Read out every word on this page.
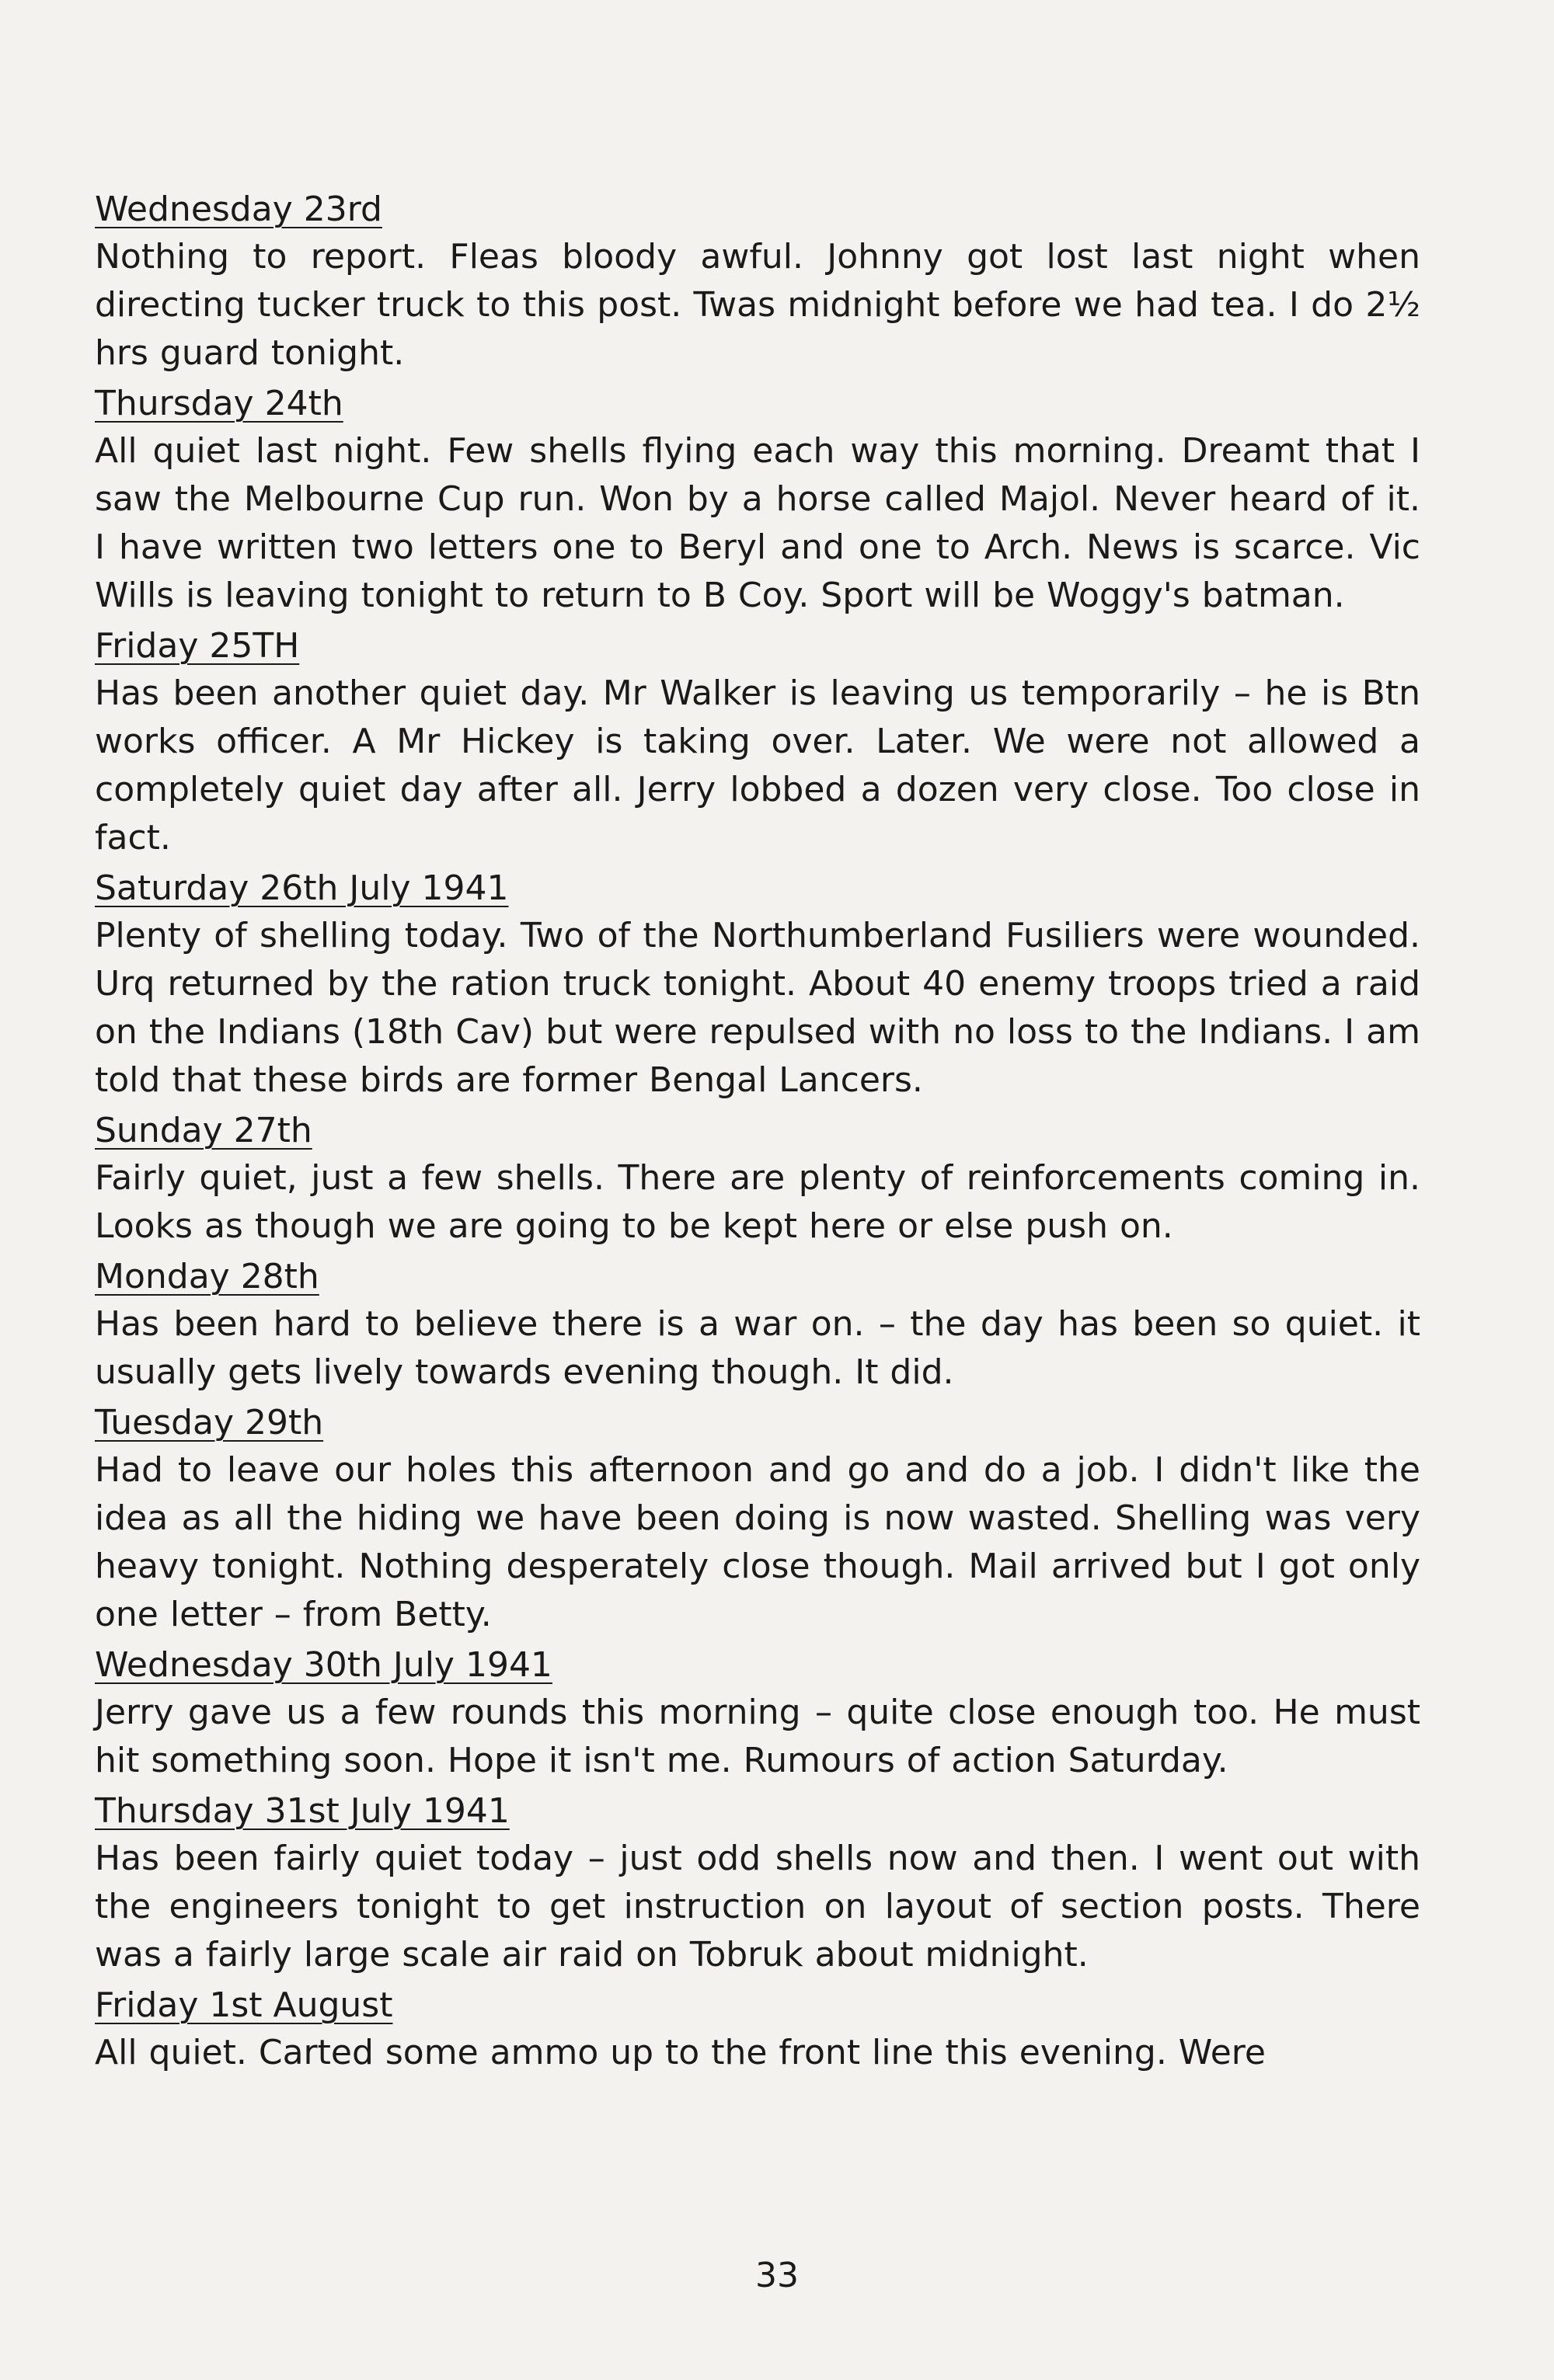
Wednesday 23rd

Nothing to report. Fleas bloody awful. Johnny got lost last night when directing tucker truck to this post. Twas midnight before we had tea. I do 2½ hrs guard tonight.

Thursday 24th

All quiet last night. Few shells flying each way this morning. Dreamt that I saw the Melbourne Cup run. Won by a horse called Majol. Never heard of it. I have written two letters one to Beryl and one to Arch. News is scarce. Vic Wills is leaving tonight to return to B Coy. Sport will be Woggy's batman.

Friday 25TH

Has been another quiet day. Mr Walker is leaving us temporarily – he is Btn works officer. A Mr Hickey is taking over. Later. We were not allowed a completely quiet day after all. Jerry lobbed a dozen very close. Too close in fact.

Saturday 26th July 1941

Plenty of shelling today. Two of the Northumberland Fusiliers were wounded. Urq returned by the ration truck tonight. About 40 enemy troops tried a raid on the Indians (18th Cav) but were repulsed with no loss to the Indians. I am told that these birds are former Bengal Lancers.

Sunday 27th

Fairly quiet, just a few shells. There are plenty of reinforcements coming in. Looks as though we are going to be kept here or else push on.

Monday 28th

Has been hard to believe there is a war on. – the day has been so quiet. it usually gets lively towards evening though. It did.

Tuesday 29th

Had to leave our holes this afternoon and go and do a job. I didn't like the idea as all the hiding we have been doing is now wasted. Shelling was very heavy tonight. Nothing desperately close though. Mail arrived but I got only one letter – from Betty.

Wednesday 30th July 1941

Jerry gave us a few rounds this morning – quite close enough too. He must hit something soon. Hope it isn't me. Rumours of action Saturday.

Thursday 31st July 1941

Has been fairly quiet today – just odd shells now and then. I went out with the engineers tonight to get instruction on layout of section posts. There was a fairly large scale air raid on Tobruk about midnight.

Friday 1st August

All quiet. Carted some ammo up to the front line this evening. Were

33
